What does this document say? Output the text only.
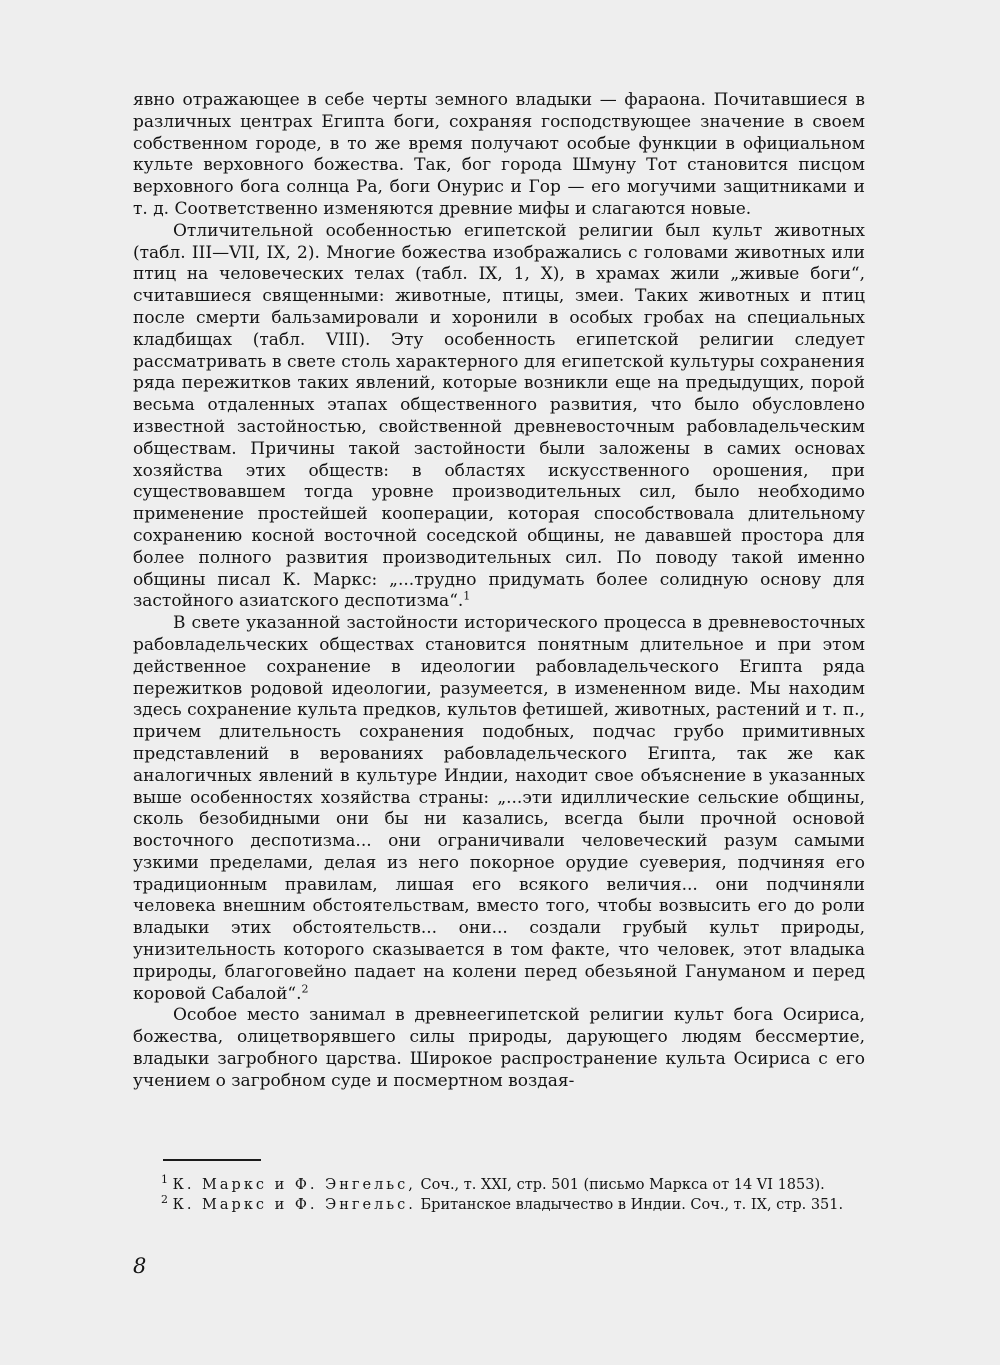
явно отражающее в себе черты земного владыки — фараона. Почитавшиеся в различных центрах Египта боги, сохраняя господствующее значение в своем собственном городе, в то же время получают особые функции в официальном культе верховного божества. Так, бог города Шмуну Тот становится писцом верховного бога солнца Ра, боги Онурис и Гор — его могучими защитниками и т. д. Соответственно изменяются древние мифы и слагаются новые.

Отличительной особенностью египетской религии был культ животных (табл. III—VII, IX, 2). Многие божества изображались с головами животных или птиц на человеческих телах (табл. IX, 1, X), в храмах жили „живые боги“, считавшиеся священными: животные, птицы, змеи. Таких животных и птиц после смерти бальзамировали и хоронили в особых гробах на специальных кладбищах (табл. VIII). Эту особенность египетской религии следует рассматривать в свете столь характерного для египетской культуры сохранения ряда пережитков таких явлений, которые возникли еще на предыдущих, порой весьма отдаленных этапах общественного развития, что было обусловлено известной застойностью, свойственной древневосточным рабовладельческим обществам. Причины такой застойности были заложены в самих основах хозяйства этих обществ: в областях искусственного орошения, при существовавшем тогда уровне производительных сил, было необходимо применение простейшей кооперации, которая способствовала длительному сохранению косной восточной соседской общины, не дававшей простора для более полного развития производительных сил. По поводу такой именно общины писал К. Маркс: „...трудно придумать более солидную основу для застойного азиатского деспотизма“.$^1$

В свете указанной застойности исторического процесса в древневосточных рабовладельческих обществах становится понятным длительное и при этом действенное сохранение в идеологии рабовладельческого Египта ряда пережитков родовой идеологии, разумеется, в измененном виде. Мы находим здесь сохранение культа предков, культов фетишей, животных, растений и т. п., причем длительность сохранения подобных, подчас грубо примитивных представлений в верованиях рабовладельческого Египта, так же как аналогичных явлений в культуре Индии, находит свое объяснение в указанных выше особенностях хозяйства страны: „...эти идиллические сельские общины, сколь безобидными они бы ни казались, всегда были прочной основой восточного деспотизма... они ограничивали человеческий разум самыми узкими пределами, делая из него покорное орудие суеверия, подчиняя его традиционным правилам, лишая его всякого величия... они подчиняли человека внешним обстоятельствам, вместо того, чтобы возвысить его до роли владыки этих обстоятельств... они... создали грубый культ природы, унизительность которого сказывается в том факте, что человек, этот владыка природы, благоговейно падает на колени перед обезьяной Гануманом и перед коровой Сабалой“.$^2$

Особое место занимал в древнеегипетской религии культ бога Осириса, божества, олицетворявшего силы природы, дарующего людям бессмертие, владыки загробного царства. Широкое распространение культа Осириса с его учением о загробном суде и посмертном воздая-

$^1$ К. Маркс и Ф. Энгельс, Соч., т. XXI, стр. 501 (письмо Маркса от 14 VI 1853).

$^2$ К. Маркс и Ф. Энгельс. Британское владычество в Индии. Соч., т. IX, стр. 351.

8
